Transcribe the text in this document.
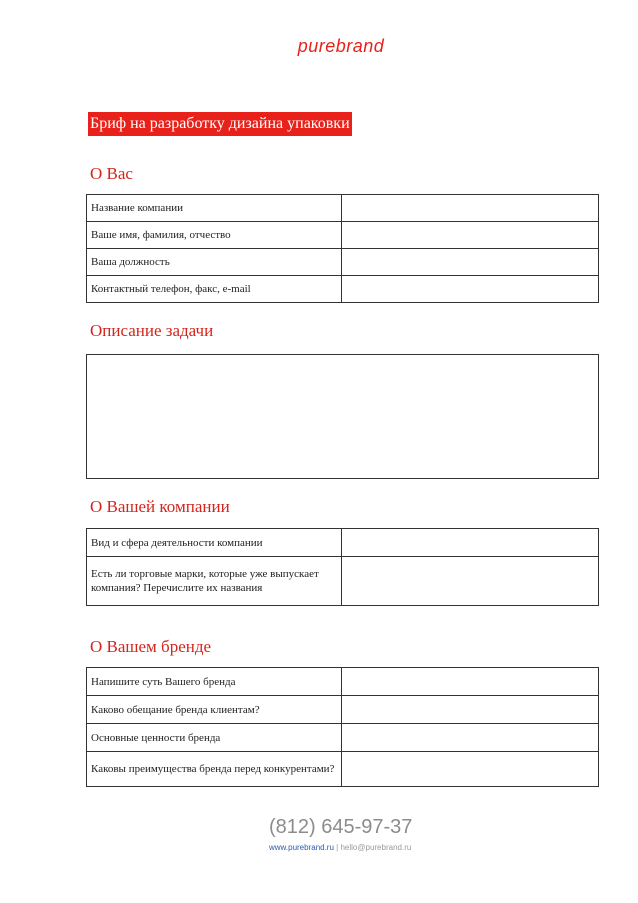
purebrand
Бриф на разработку дизайна упаковки
О Вас
Название компании	
Ваше имя, фамилия, отчество	
Ваша должность	
Контактный телефон, факс, e-mail	
Описание задачи
О Вашей компании
Вид и сфера деятельности компании	
Есть ли торговые марки, которые уже выпускает компания? Перечислите их названия	
О Вашем бренде
Напишите суть Вашего бренда	
Каково обещание бренда клиентам?	
Основные ценности бренда	
Каковы преимущества бренда перед конкурентами?	
(812) 645-97-37
www.purebrand.ru | hello@purebrand.ru
